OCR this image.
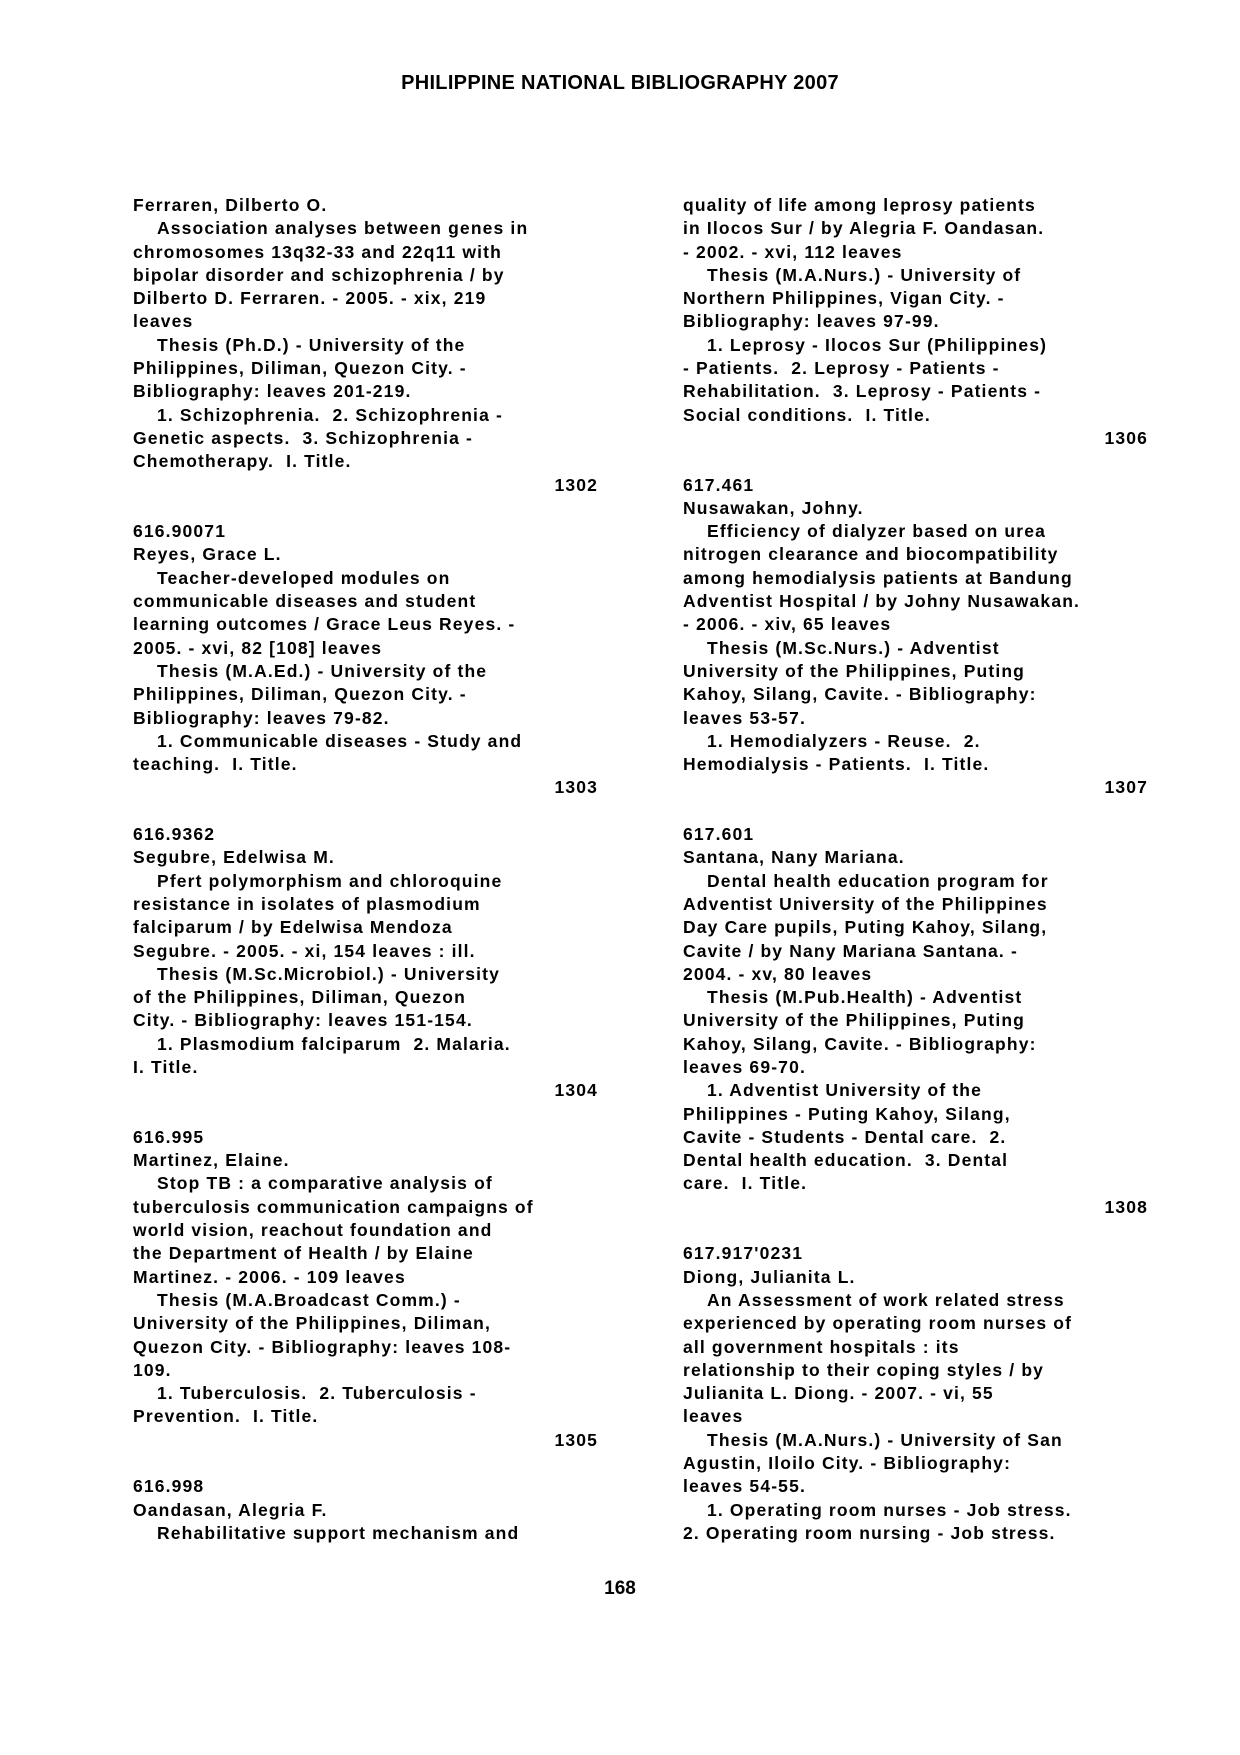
PHILIPPINE NATIONAL BIBLIOGRAPHY 2007
Ferraren, Dilberto O.
Association analyses between genes in
chromosomes 13q32-33 and 22q11 with
bipolar disorder and schizophrenia / by
Dilberto D. Ferraren. - 2005. - xix, 219
leaves
Thesis (Ph.D.) - University of the
Philippines, Diliman, Quezon City. -
Bibliography: leaves 201-219.
1. Schizophrenia.  2. Schizophrenia -
Genetic aspects.  3. Schizophrenia -
Chemotherapy.  I. Title.
1302
616.90071
Reyes, Grace L.
Teacher-developed modules on
communicable diseases and student
learning outcomes / Grace Leus Reyes. -
2005. - xvi, 82 [108] leaves
Thesis (M.A.Ed.) - University of the
Philippines, Diliman, Quezon City. -
Bibliography: leaves 79-82.
1. Communicable diseases - Study and
teaching.  I. Title.
1303
616.9362
Segubre, Edelwisa M.
Pfert polymorphism and chloroquine
resistance in isolates of plasmodium
falciparum / by Edelwisa Mendoza
Segubre. - 2005. - xi, 154 leaves : ill.
Thesis (M.Sc.Microbiol.) - University
of the Philippines, Diliman, Quezon
City. - Bibliography: leaves 151-154.
1. Plasmodium falciparum  2. Malaria.
I. Title.
1304
616.995
Martinez, Elaine.
Stop TB : a comparative analysis of
tuberculosis communication campaigns of
world vision, reachout foundation and
the Department of Health / by Elaine
Martinez. - 2006. - 109 leaves
Thesis (M.A.Broadcast Comm.) -
University of the Philippines, Diliman,
Quezon City. - Bibliography: leaves 108-
109.
1. Tuberculosis.  2. Tuberculosis -
Prevention.  I. Title.
1305
616.998
Oandasan, Alegria F.
Rehabilitative support mechanism and
quality of life among leprosy patients
in Ilocos Sur / by Alegria F. Oandasan.
- 2002. - xvi, 112 leaves
Thesis (M.A.Nurs.) - University of
Northern Philippines, Vigan City. -
Bibliography: leaves 97-99.
1. Leprosy - Ilocos Sur (Philippines)
- Patients.  2. Leprosy - Patients -
Rehabilitation.  3. Leprosy - Patients -
Social conditions.  I. Title.
1306
617.461
Nusawakan, Johny.
Efficiency of dialyzer based on urea
nitrogen clearance and biocompatibility
among hemodialysis patients at Bandung
Adventist Hospital / by Johny Nusawakan.
- 2006. - xiv, 65 leaves
Thesis (M.Sc.Nurs.) - Adventist
University of the Philippines, Puting
Kahoy, Silang, Cavite. - Bibliography:
leaves 53-57.
1. Hemodialyzers - Reuse.  2.
Hemodialysis - Patients.  I. Title.
1307
617.601
Santana, Nany Mariana.
Dental health education program for
Adventist University of the Philippines
Day Care pupils, Puting Kahoy, Silang,
Cavite / by Nany Mariana Santana. -
2004. - xv, 80 leaves
Thesis (M.Pub.Health) - Adventist
University of the Philippines, Puting
Kahoy, Silang, Cavite. - Bibliography:
leaves 69-70.
1. Adventist University of the
Philippines - Puting Kahoy, Silang,
Cavite - Students - Dental care.  2.
Dental health education.  3. Dental
care.  I. Title.
1308
617.917'0231
Diong, Julianita L.
An Assessment of work related stress
experienced by operating room nurses of
all government hospitals : its
relationship to their coping styles / by
Julianita L. Diong. - 2007. - vi, 55
leaves
Thesis (M.A.Nurs.) - University of San
Agustin, Iloilo City. - Bibliography:
leaves 54-55.
1. Operating room nurses - Job stress.
2. Operating room nursing - Job stress.
168
